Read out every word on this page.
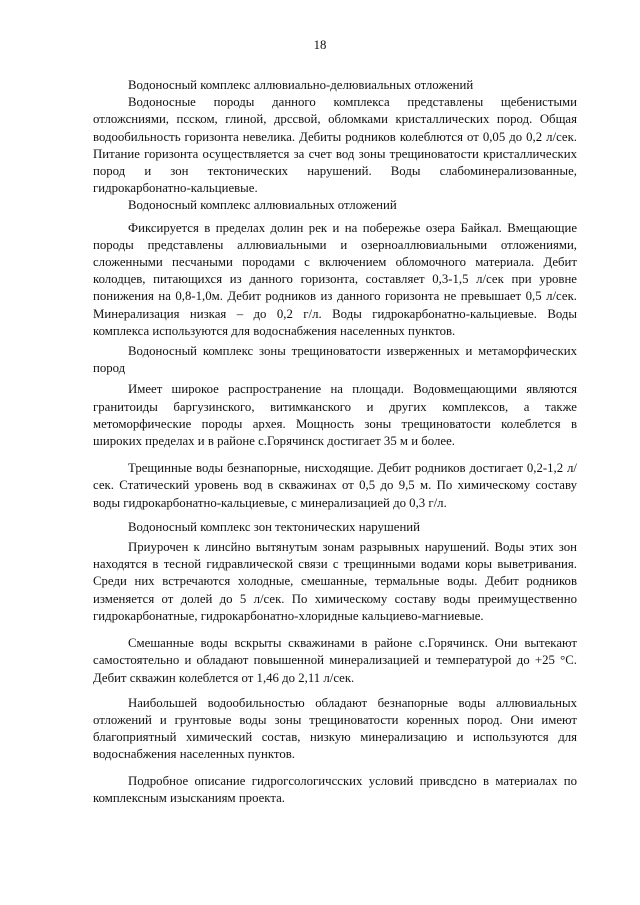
18

Водоносный комплекс аллювиально-делювиальных отложений

Водоносные породы данного комплекса представлены щебенистыми отложсниями, псском, глиной, дрссвой, обломками кристаллических пород. Общая водообильность горизонта невелика. Дебиты родников колеблются от 0,05 до 0,2 л/сек. Питание горизонта осуществляется за счет вод зоны трещиноватости кристаллических пород и зон тектонических нарушений. Воды слабоминерализованные, гидрокарбонатно-кальциевые.

Водоносный комплекс аллювиальных отложений

Фиксируется в пределах долин рек и на побережье озера Байкал. Вмещающие породы представлены аллювиальными и озерноаллювиальными отложениями, сложенными песчаными породами с включением обломочного материала. Дебит колодцев, питающихся из данного горизонта, составляет 0,3-1,5 л/сек при уровне понижения на 0,8-1,0м. Дебит родников из данного горизонта не превышает 0,5 л/сек. Минерализация низкая – до 0,2 г/л. Воды гидрокарбонатно-кальциевые. Воды комплекса используются для водоснабжения населенных пунктов.

Водоносный комплекс зоны трещиноватости изверженных и метаморфических пород

Имеет широкое распространение на площади. Водовмещающими являются гранитоиды баргузинского, витимканского и других комплексов, а также метоморфические породы архея. Мощность зоны трещиноватости колеблется в широких пределах и в районе с.Горячинск достигает 35 м и более.

Трещинные воды безнапорные, нисходящие. Дебит родников достигает 0,2-1,2 л/сек. Статический уровень вод в скважинах от 0,5 до 9,5 м. По химическому составу воды гидрокарбонатно-кальциевые, с минерализацией до 0,3 г/л.

Водоносный комплекс зон тектонических нарушений

Приурочен к линсйно вытянутым зонам разрывных нарушений. Воды этих зон находятся в тесной гидравлической связи с трещинными водами коры выветривания. Среди них встречаются холодные, смешанные, термальные воды. Дебит родников изменяется от долей до 5 л/сек. По химическому составу воды преимущественно гидрокарбонатные, гидрокарбонатно-хлоридные кальциево-магниевые.

Смешанные воды вскрыты скважинами в районе с.Горячинск. Они вытекают самостоятельно и обладают повышенной минерализацией и температурой до +25 °С. Дебит скважин колеблется от 1,46 до 2,11 л/сек.

Наибольшей водообильностью обладают безнапорные воды аллювиальных отложений и грунтовые воды зоны трещиноватости коренных пород. Они имеют благоприятный химический состав, низкую минерализацию и используются для водоснабжения населенных пунктов.

Подробное описание гидрогсологичсских условий привсдсно в материалах по комплексным изысканиям проекта.
